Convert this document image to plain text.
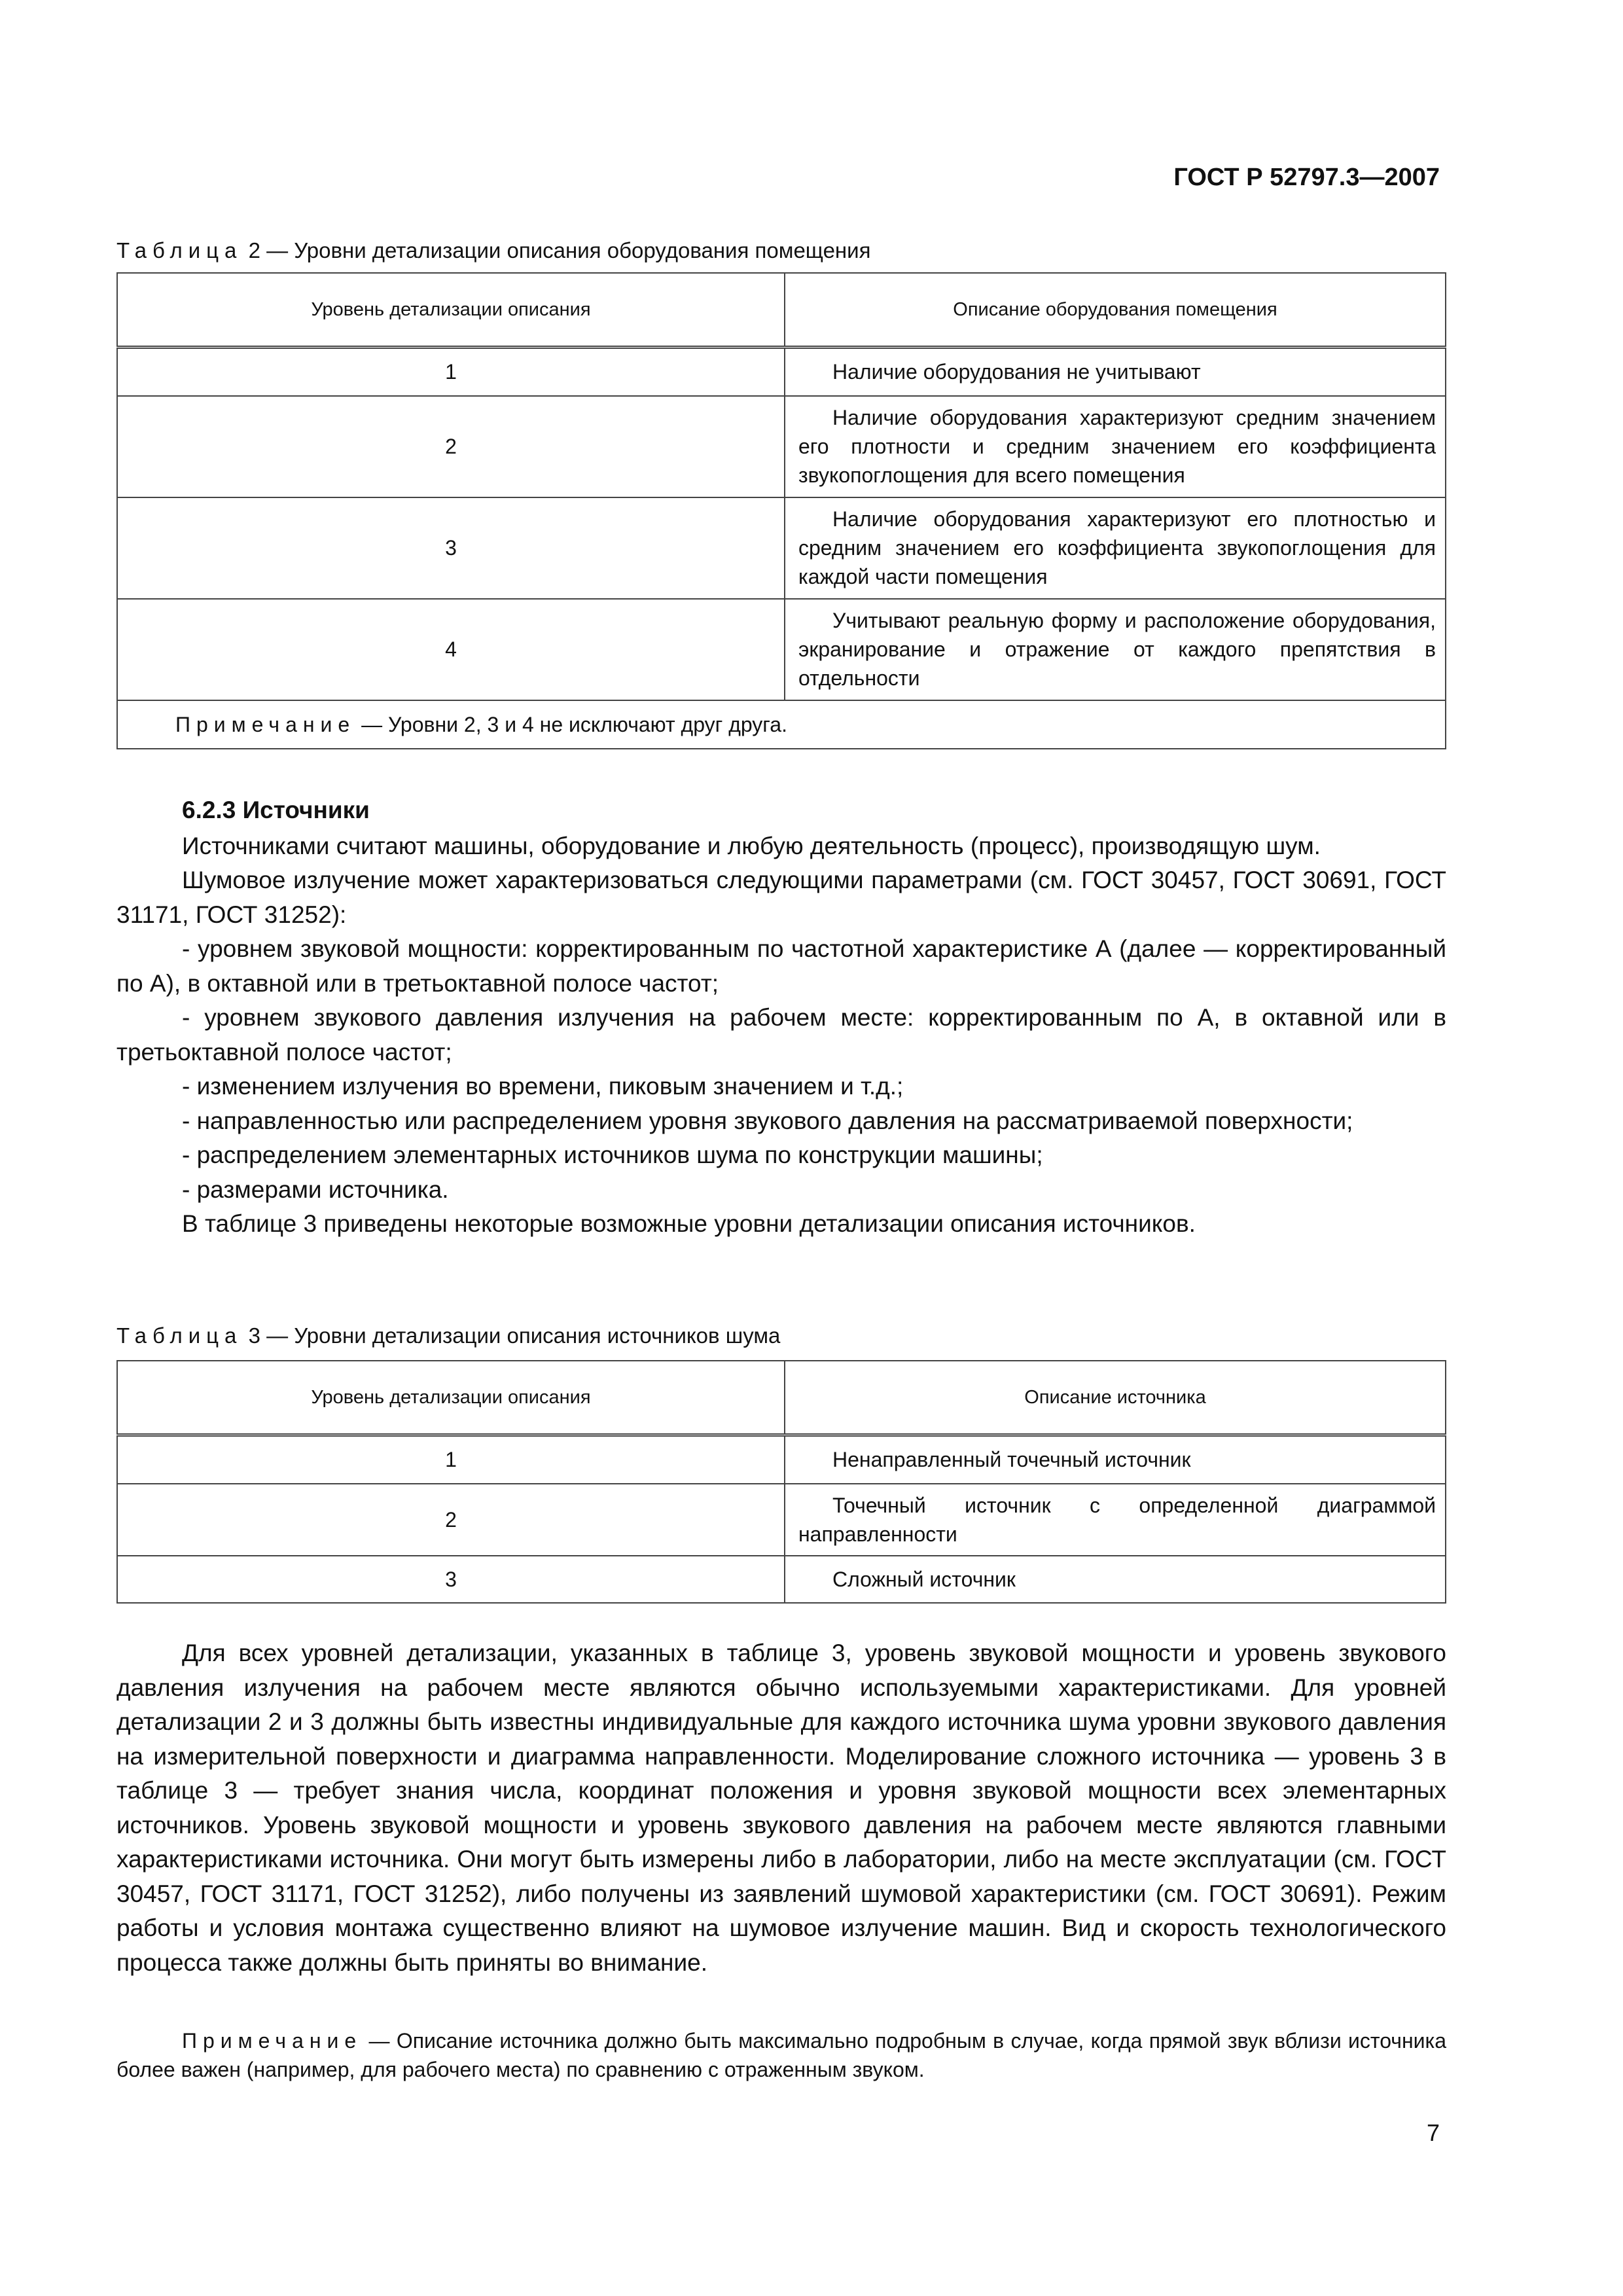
ГОСТ Р 52797.3—2007
Таблица 2 — Уровни детализации описания оборудования помещения
Уровень детализации описания	Описание оборудования помещения
1	Наличие оборудования не учитывают
2	Наличие оборудования характеризуют средним значением его плотности и средним значением его коэффициента звукопоглощения для всего помещения
3	Наличие оборудования характеризуют его плотностью и средним значением его коэффициента звукопоглощения для каждой части помещения
4	Учитывают реальную форму и расположение оборудования, экранирование и отражение от каждого препятствия в отдельности
Примечание — Уровни 2, 3 и 4 не исключают друг друга.	

6.2.3 Источники

Источниками считают машины, оборудование и любую деятельность (процесс), производящую шум.

Шумовое излучение может характеризоваться следующими параметрами (см. ГОСТ 30457, ГОСТ 30691, ГОСТ 31171, ГОСТ 31252):

- уровнем звуковой мощности: корректированным по частотной характеристике А (далее — корректированный по А), в октавной или в третьоктавной полосе частот;

- уровнем звукового давления излучения на рабочем месте: корректированным по А, в октавной или в третьоктавной полосе частот;

- изменением излучения во времени, пиковым значением и т.д.;

- направленностью или распределением уровня звукового давления на рассматриваемой поверхности;

- распределением элементарных источников шума по конструкции машины;

- размерами источника.

В таблице 3 приведены некоторые возможные уровни детализации описания источников.

Таблица 3 — Уровни детализации описания источников шума
Уровень детализации описания	Описание источника
1	Ненаправленный точечный источник
2	Точечный источник с определенной диаграммой направленности
3	Сложный источник

Для всех уровней детализации, указанных в таблице 3, уровень звуковой мощности и уровень звукового давления излучения на рабочем месте являются обычно используемыми характеристиками. Для уровней детализации 2 и 3 должны быть известны индивидуальные для каждого источника шума уровни звукового давления на измерительной поверхности и диаграмма направленности. Моделирование сложного источника — уровень 3 в таблице 3 — требует знания числа, координат положения и уровня звуковой мощности всех элементарных источников. Уровень звуковой мощности и уровень звукового давления на рабочем месте являются главными характеристиками источника. Они могут быть измерены либо в лаборатории, либо на месте эксплуатации (см. ГОСТ 30457, ГОСТ 31171, ГОСТ 31252), либо получены из заявлений шумовой характеристики (см. ГОСТ 30691). Режим работы и условия монтажа существенно влияют на шумовое излучение машин. Вид и скорость технологического процесса также должны быть приняты во внимание.

Примечание — Описание источника должно быть максимально подробным в случае, когда прямой звук вблизи источника более важен (например, для рабочего места) по сравнению с отраженным звуком.
7
